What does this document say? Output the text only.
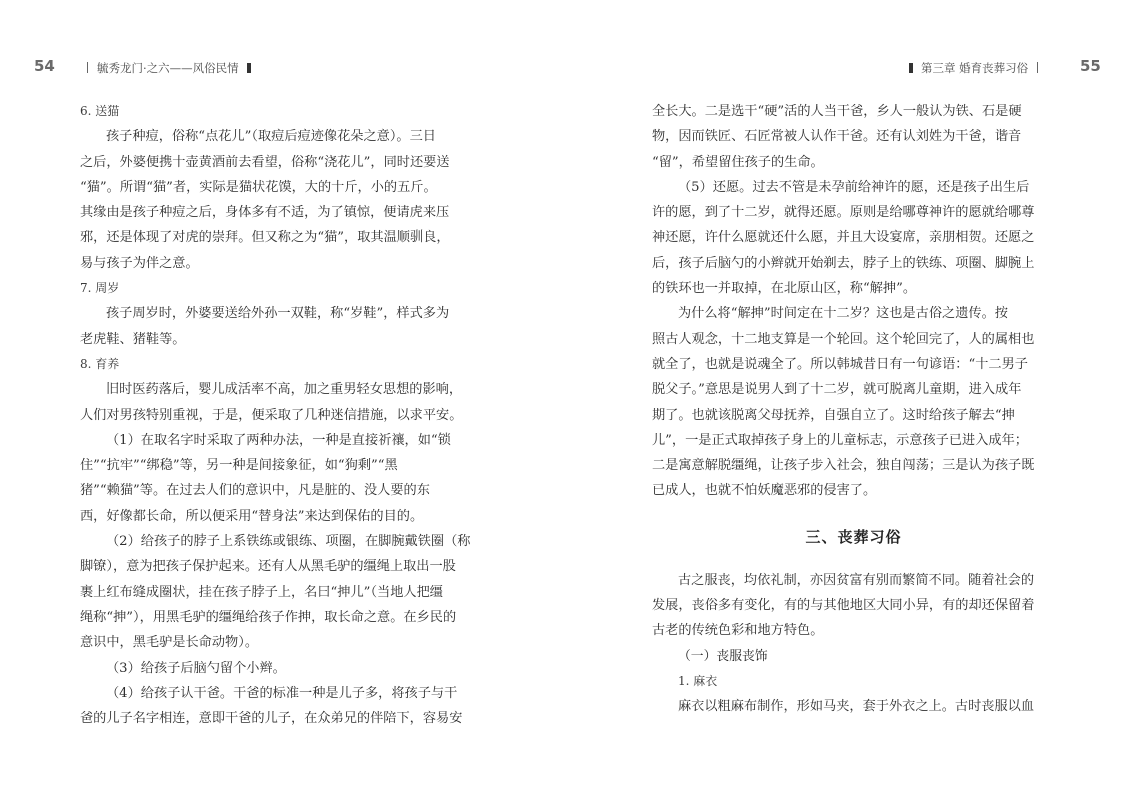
54	毓秀龙门·之六——风俗民情
6. 送猫
孩子种痘，俗称“点花儿”（取痘后痘迹像花朵之意）。三日
之后，外婆便携十壶黄酒前去看望，俗称“浇花儿”，同时还要送
“猫”。所谓“猫”者，实际是猫状花馍，大的十斤，小的五斤。
其缘由是孩子种痘之后，身体多有不适，为了镇惊，便请虎来压
邪，还是体现了对虎的崇拜。但又称之为“猫”，取其温顺驯良，
易与孩子为伴之意。
7. 周岁
孩子周岁时，外婆要送给外孙一双鞋，称“岁鞋”，样式多为
老虎鞋、猪鞋等。
8. 育养
旧时医药落后，婴儿成活率不高，加之重男轻女思想的影响，
人们对男孩特别重视，于是，便采取了几种迷信措施，以求平安。
（1）在取名字时采取了两种办法，一种是直接祈禳，如“锁
住”“抗牢”“绑稳”等，另一种是间接象征，如“狗剩”“黑
猪”“赖猫”等。在过去人们的意识中，凡是脏的、没人要的东
西，好像都长命，所以便采用“替身法”来达到保佑的目的。
（2）给孩子的脖子上系铁练或银练、项圈，在脚腕戴铁圈（称
脚镣），意为把孩子保护起来。还有人从黑毛驴的缰绳上取出一股
裹上红布缝成圈状，挂在孩子脖子上，名曰“抻儿”（当地人把缰
绳称“抻”），用黑毛驴的缰绳给孩子作抻，取长命之意。在乡民的
意识中，黑毛驴是长命动物）。
（3）给孩子后脑勺留个小辫。
（4）给孩子认干爸。干爸的标准一种是儿子多，将孩子与干
爸的儿子名字相连，意即干爸的儿子，在众弟兄的伴陪下，容易安
第三章 婚育丧葬习俗	55
全长大。二是选干“硬”活的人当干爸，乡人一般认为铁、石是硬
物，因而铁匠、石匠常被人认作干爸。还有认刘姓为干爸，谐音
“留”，希望留住孩子的生命。
（5）还愿。过去不管是未孕前给神许的愿，还是孩子出生后
许的愿，到了十二岁，就得还愿。原则是给哪尊神许的愿就给哪尊
神还愿，许什么愿就还什么愿，并且大设宴席，亲朋相贺。还愿之
后，孩子后脑勺的小辫就开始剃去，脖子上的铁练、项圈、脚腕上
的铁环也一并取掉，在北原山区，称“解抻”。
为什么将“解抻”时间定在十二岁？这也是古俗之遗传。按
照古人观念，十二地支算是一个轮回。这个轮回完了，人的属相也
就全了，也就是说魂全了。所以韩城昔日有一句谚语：“十二男子
脱父子。”意思是说男人到了十二岁，就可脱离儿童期，进入成年
期了。也就该脱离父母抚养，自强自立了。这时给孩子解去“抻
儿”，一是正式取掉孩子身上的儿童标志，示意孩子已进入成年；
二是寓意解脱缰绳，让孩子步入社会，独自闯荡；三是认为孩子既
已成人，也就不怕妖魔恶邪的侵害了。
三、丧葬习俗
古之服丧，均依礼制，亦因贫富有别而繁简不同。随着社会的
发展，丧俗多有变化，有的与其他地区大同小异，有的却还保留着
古老的传统色彩和地方特色。
（一）丧服丧饰
1. 麻衣
麻衣以粗麻布制作，形如马夹，套于外衣之上。古时丧服以血
